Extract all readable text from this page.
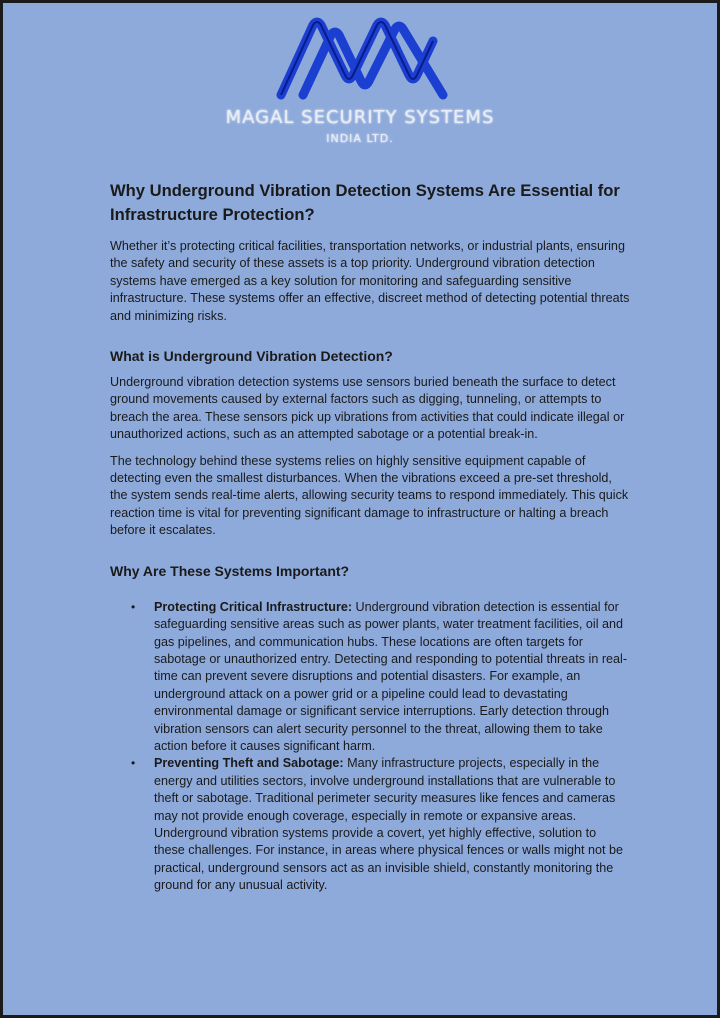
MAGAL SECURITY SYSTEMS
INDIA LTD.
Why Underground Vibration Detection Systems Are Essential for Infrastructure Protection?

Whether it’s protecting critical facilities, transportation networks, or industrial plants, ensuring the safety and security of these assets is a top priority. Underground vibration detection systems have emerged as a key solution for monitoring and safeguarding sensitive infrastructure. These systems offer an effective, discreet method of detecting potential threats and minimizing risks.

What is Underground Vibration Detection?

Underground vibration detection systems use sensors buried beneath the surface to detect ground movements caused by external factors such as digging, tunneling, or attempts to breach the area. These sensors pick up vibrations from activities that could indicate illegal or unauthorized actions, such as an attempted sabotage or a potential break-in.

The technology behind these systems relies on highly sensitive equipment capable of detecting even the smallest disturbances. When the vibrations exceed a pre-set threshold, the system sends real-time alerts, allowing security teams to respond immediately. This quick reaction time is vital for preventing significant damage to infrastructure or halting a breach before it escalates.

Why Are These Systems Important?
• Protecting Critical Infrastructure: Underground vibration detection is essential for safeguarding sensitive areas such as power plants, water treatment facilities, oil and gas pipelines, and communication hubs. These locations are often targets for sabotage or unauthorized entry. Detecting and responding to potential threats in real-time can prevent severe disruptions and potential disasters. For example, an underground attack on a power grid or a pipeline could lead to devastating environmental damage or significant service interruptions. Early detection through vibration sensors can alert security personnel to the threat, allowing them to take action before it causes significant harm.
• Preventing Theft and Sabotage: Many infrastructure projects, especially in the energy and utilities sectors, involve underground installations that are vulnerable to theft or sabotage. Traditional perimeter security measures like fences and cameras may not provide enough coverage, especially in remote or expansive areas. Underground vibration systems provide a covert, yet highly effective, solution to these challenges. For instance, in areas where physical fences or walls might not be practical, underground sensors act as an invisible shield, constantly monitoring the ground for any unusual activity.
